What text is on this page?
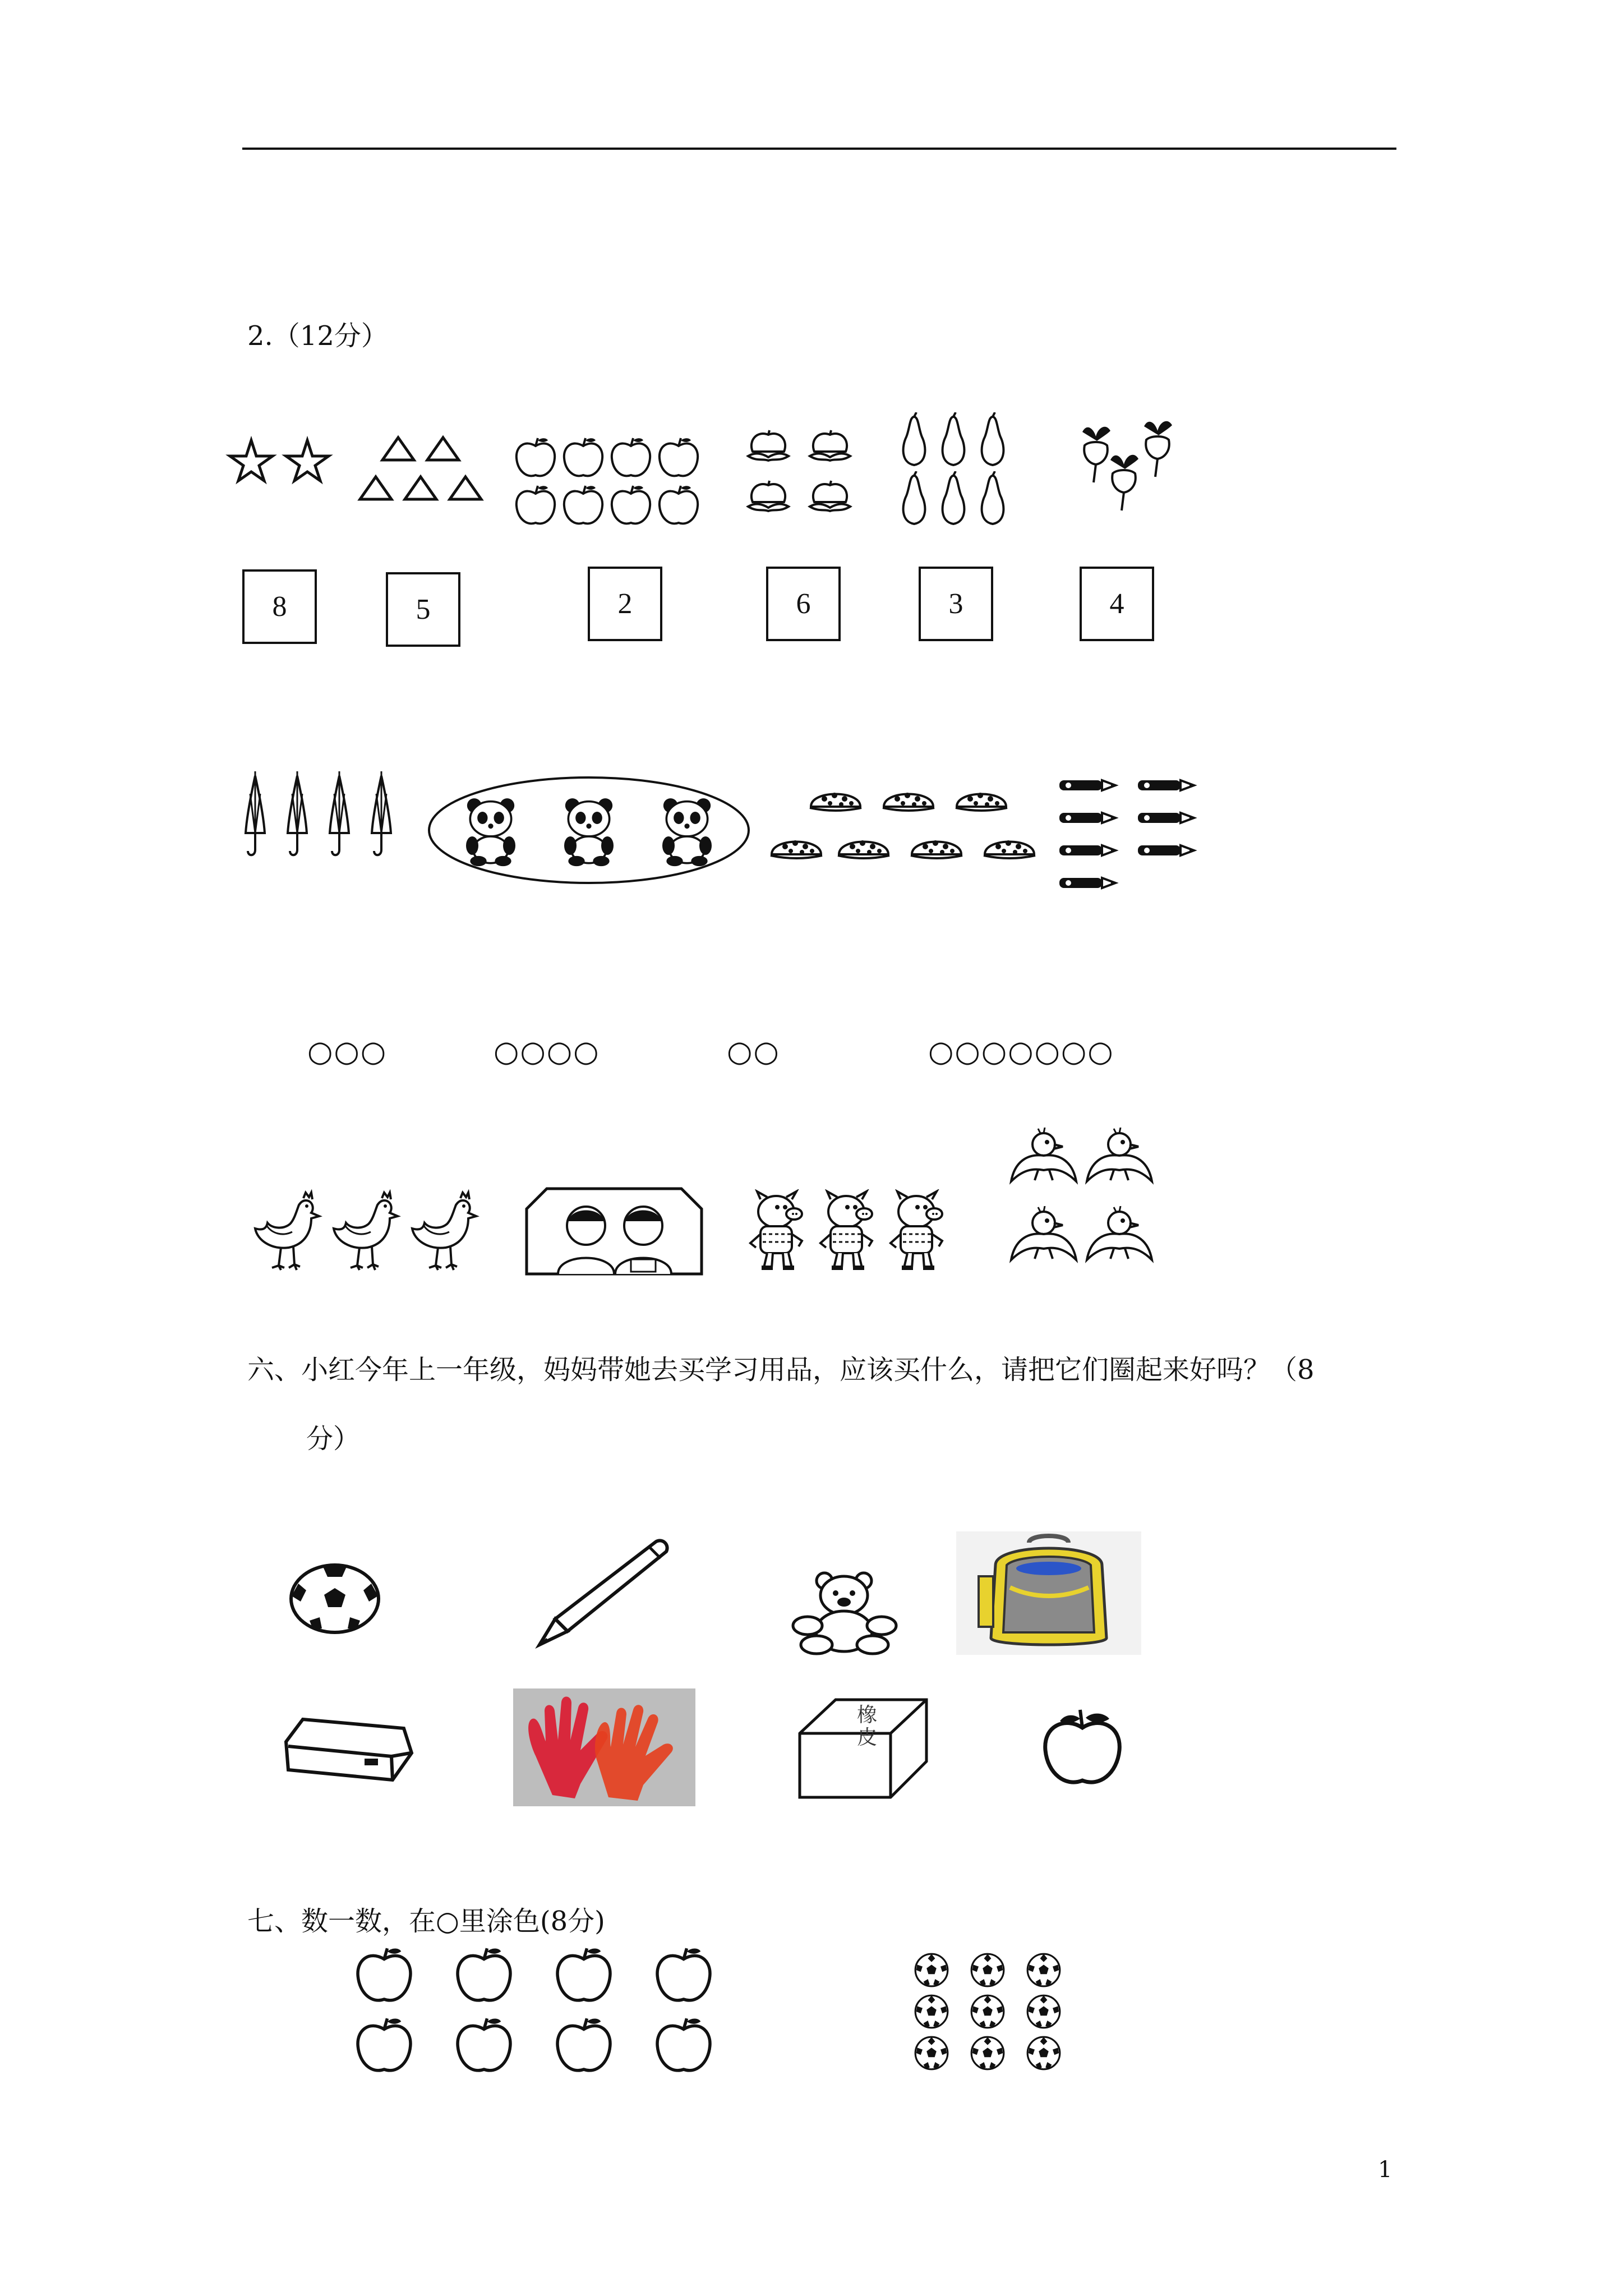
2.（12分）
8	5	2	6	3	4
○○○	○○○○	○○	○○○○○○○
六、小红今年上一年级，妈妈带她去买学习用品，应该买什么，请把它们圈起来好吗？（8
分）
橡皮
七、数一数，在○里涂色(8分)
1
